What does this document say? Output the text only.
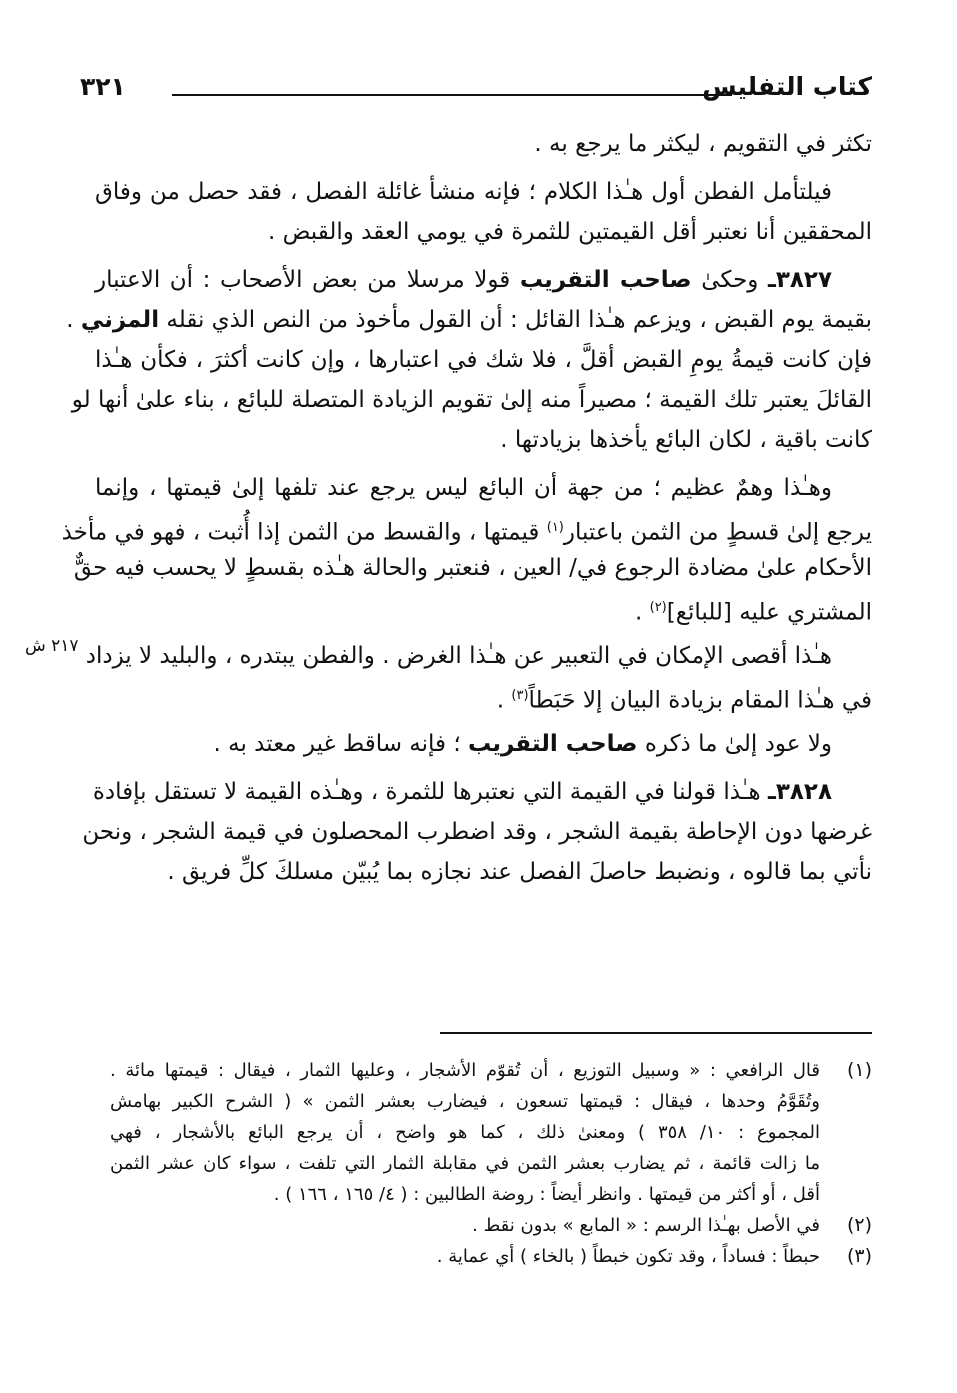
كتاب التفليس
٣٢١
تكثر في التقويم ، ليكثر ما يرجع به .
فيلتأمل الفطن أول هـٰذا الكلام ؛ فإنه منشأ غائلة الفصل ، فقد حصل من وفاق
المحققين أنا نعتبر أقل القيمتين للثمرة في يومي العقد والقبض .
٣٨٢٧ـ وحكىٰ صاحب التقريب قولا مرسلا من بعض الأصحاب : أن الاعتبار
بقيمة يوم القبض ، ويزعم هـٰذا القائل : أن القول مأخوذ من النص الذي نقله المزني .
فإن كانت قيمةُ يومِ القبض أقلَّ ، فلا شك في اعتبارها ، وإن كانت أكثرَ ، فكأن هـٰذا
القائلَ يعتبر تلك القيمة ؛ مصيراً منه إلىٰ تقويم الزيادة المتصلة للبائع ، بناء علىٰ أنها لو
كانت باقية ، لكان البائع يأخذها بزيادتها .
وهـٰذا وهمٌ عظيم ؛ من جهة أن البائع ليس يرجع عند تلفها إلىٰ قيمتها ، وإنما
يرجع إلىٰ قسطٍ من الثمن باعتبار$^{(١)}$ قيمتها ، والقسط من الثمن إذا أُثبت ، فهو في مأخذ
الأحكام علىٰ مضادة الرجوع في/ العين ، فنعتبر والحالة هـٰذه بقسطٍ لا يحسب فيه حقٌّ
المشتري عليه [للبائع]$^{(٢)}$ .
هـٰذا أقصى الإمكان في التعبير عن هـٰذا الغرض . والفطن يبتدره ، والبليد لا يزداد
في هـٰذا المقام بزيادة البيان إلا حَبَطاً$^{(٣)}$ .
ولا عود إلىٰ ما ذكره صاحب التقريب ؛ فإنه ساقط غير معتد به .
٣٨٢٨ـ هـٰذا قولنا في القيمة التي نعتبرها للثمرة ، وهـٰذه القيمة لا تستقل بإفادة
غرضها دون الإحاطة بقيمة الشجر ، وقد اضطرب المحصلون في قيمة الشجر ، ونحن
نأتي بما قالوه ، ونضبط حاصلَ الفصل عند نجازه بما يُبيّن مسلكَ كلِّ فريق .
٢١٧ ش
(١)
قال الرافعي : « وسبيل التوزيع ، أن تُقوّم الأشجار ، وعليها الثمار ، فيقال : قيمتها مائة .
وتُقَوَّمُ وحدها ، فيقال : قيمتها تسعون ، فيضارب بعشر الثمن » ( الشرح الكبير بهامش
المجموع : ١٠/ ٣٥٨ ) ومعنىٰ ذلك ، كما هو واضح ، أن يرجع البائع بالأشجار ، فهي
ما زالت قائمة ، ثم يضارب بعشر الثمن في مقابلة الثمار التي تلفت ، سواء كان عشر الثمن
أقل ، أو أكثر من قيمتها . وانظر أيضاً : روضة الطالبين : ( ٤/ ١٦٥ ، ١٦٦ ) .
(٢)
في الأصل بهـٰذا الرسم : « المابع » بدون نقط .
(٣)
حبطاً : فساداً ، وقد تكون خبطاً ( بالخاء ) أي عماية .
